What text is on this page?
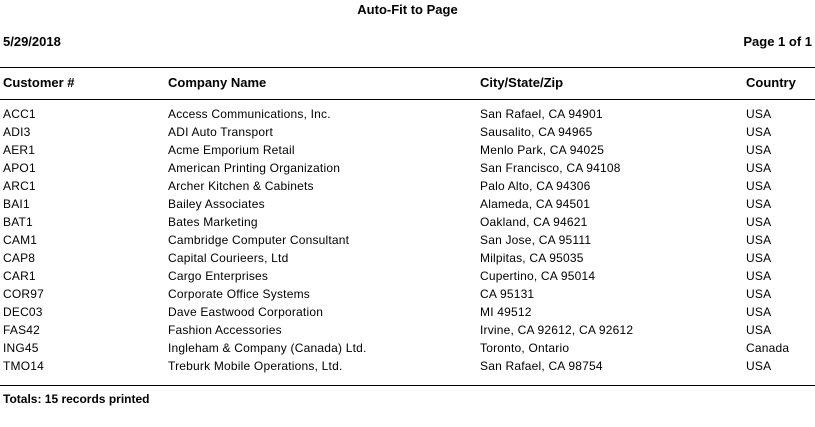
Auto-Fit to Page
5/29/2018	Page 1 of 1
Customer #	Company Name	City/State/Zip	Country
ACC1	Access Communications, Inc.	San Rafael, CA 94901	USA
ADI3	ADI Auto Transport	Sausalito, CA 94965	USA
AER1	Acme Emporium Retail	Menlo Park, CA 94025	USA
APO1	American Printing Organization	San Francisco, CA 94108	USA
ARC1	Archer Kitchen & Cabinets	Palo Alto, CA 94306	USA
BAI1	Bailey Associates	Alameda, CA 94501	USA
BAT1	Bates Marketing	Oakland, CA 94621	USA
CAM1	Cambridge Computer Consultant	San Jose, CA 95111	USA
CAP8	Capital Courieers, Ltd	Milpitas, CA 95035	USA
CAR1	Cargo Enterprises	Cupertino, CA 95014	USA
COR97	Corporate Office Systems	CA 95131	USA
DEC03	Dave Eastwood Corporation	MI 49512	USA
FAS42	Fashion Accessories	Irvine, CA 92612, CA 92612	USA
ING45	Ingleham & Company (Canada) Ltd.	Toronto, Ontario	Canada
TMO14	Treburk Mobile Operations, Ltd.	San Rafael, CA 98754	USA
Totals: 15 records printed
